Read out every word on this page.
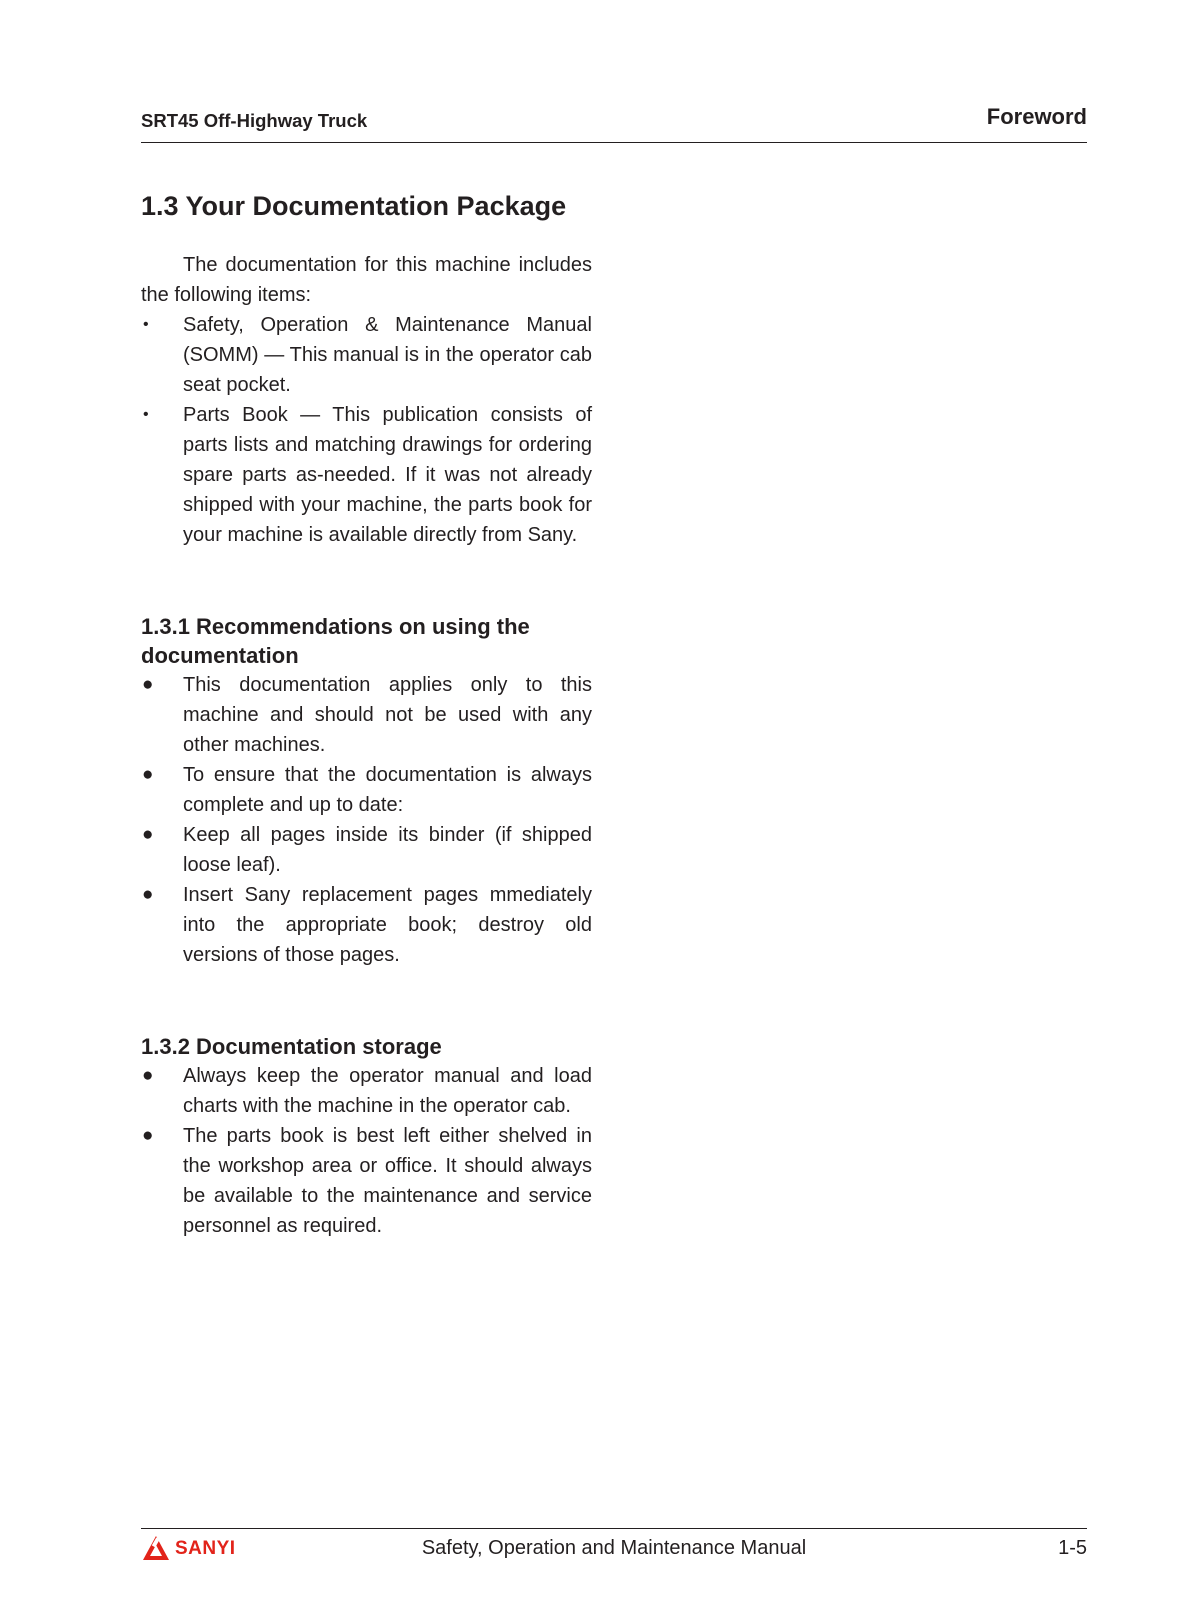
SRT45 Off-Highway Truck	Foreword
1.3 Your Documentation Package

The documentation for this machine includes the following items:

• Safety, Operation & Maintenance Manual (SOMM) — This manual is in the operator cab seat pocket.
• Parts Book — This publication consists of parts lists and matching drawings for ordering spare parts as-needed. If it was not already shipped with your machine, the parts book for your machine is available directly from Sany.
1.3.1 Recommendations on using the documentation
● This documentation applies only to this machine and should not be used with any other machines.
● To ensure that the documentation is always complete and up to date:
● Keep all pages inside its binder (if shipped loose leaf).
● Insert Sany replacement pages mmediately into the appropriate book; destroy old versions of those pages.
1.3.2 Documentation storage
● Always keep the operator manual and load charts with the machine in the operator cab.
● The parts book is best left either shelved in the workshop area or office. It should always be available to the maintenance and service personnel as required.
SANYI	Safety, Operation and Maintenance Manual	1-5
